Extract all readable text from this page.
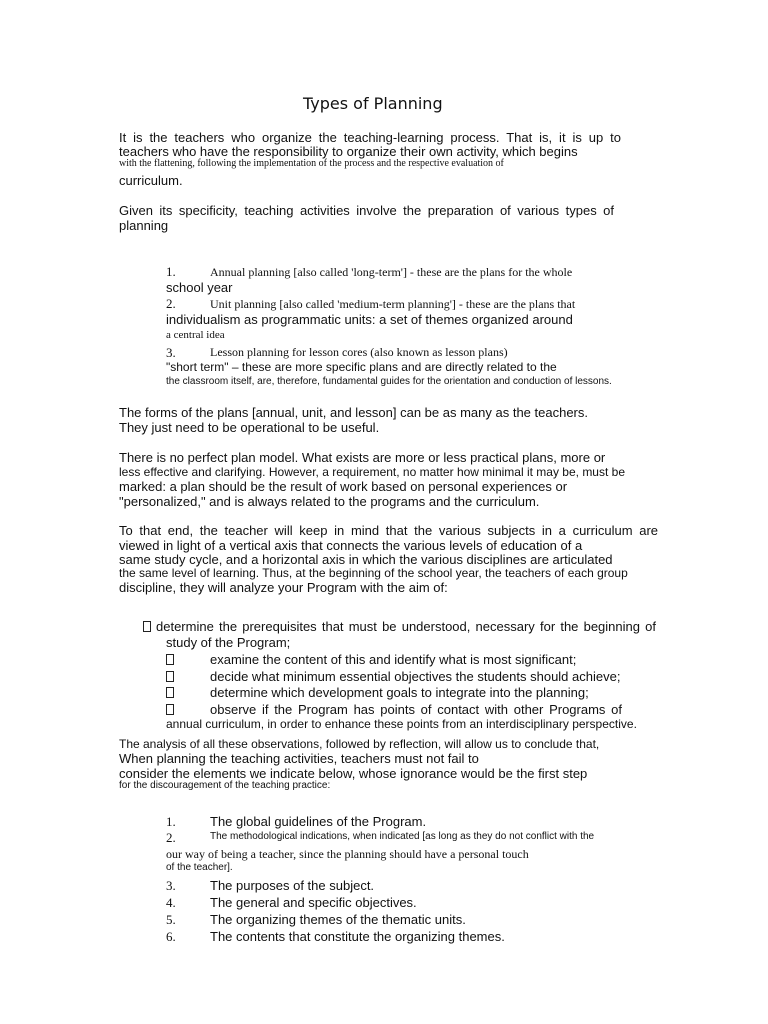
Types of Planning
It is the teachers who organize the teaching-learning process. That is, it is up to
teachers who have the responsibility to organize their own activity, which begins
with the flattening, following the implementation of the process and the respective evaluation of
curriculum.
Given its specificity, teaching activities involve the preparation of various types of
planning
1.	Annual planning [also called 'long-term'] - these are the plans for the whole
school year
2.	Unit planning [also called 'medium-term planning'] - these are the plans that
individualism as programmatic units: a set of themes organized around
a central idea
3.	Lesson planning for lesson cores (also known as lesson plans)
"short term" – these are more specific plans and are directly related to the
the classroom itself, are, therefore, fundamental guides for the orientation and conduction of lessons.
The forms of the plans [annual, unit, and lesson] can be as many as the teachers.
They just need to be operational to be useful.
There is no perfect plan model. What exists are more or less practical plans, more or
less effective and clarifying. However, a requirement, no matter how minimal it may be, must be
marked: a plan should be the result of work based on personal experiences or
"personalized," and is always related to the programs and the curriculum.
To that end, the teacher will keep in mind that the various subjects in a curriculum are
viewed in light of a vertical axis that connects the various levels of education of a
same study cycle, and a horizontal axis in which the various disciplines are articulated
the same level of learning. Thus, at the beginning of the school year, the teachers of each group
discipline, they will analyze your Program with the aim of:
determine the prerequisites that must be understood, necessary for the beginning of
study of the Program;
examine the content of this and identify what is most significant;
decide what minimum essential objectives the students should achieve;
determine which development goals to integrate into the planning;
observe if the Program has points of contact with other Programs of
annual curriculum, in order to enhance these points from an interdisciplinary perspective.
The analysis of all these observations, followed by reflection, will allow us to conclude that,
When planning the teaching activities, teachers must not fail to
consider the elements we indicate below, whose ignorance would be the first step
for the discouragement of the teaching practice:
1.	The global guidelines of the Program.
2.	The methodological indications, when indicated [as long as they do not conflict with the
our way of being a teacher, since the planning should have a personal touch
of the teacher].
3.	The purposes of the subject.
4.	The general and specific objectives.
5.	The organizing themes of the thematic units.
6.	The contents that constitute the organizing themes.
